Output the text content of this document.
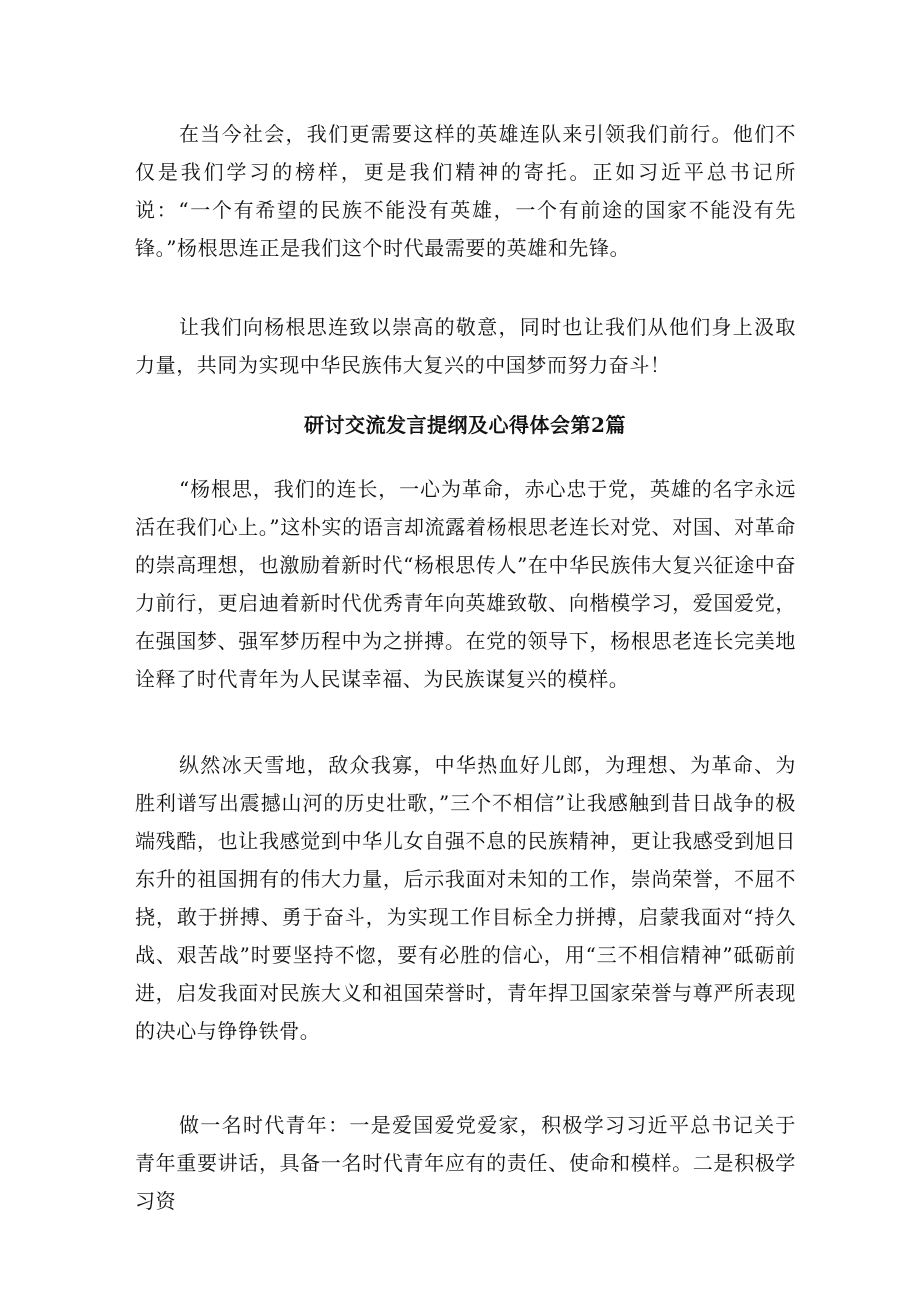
在当今社会，我们更需要这样的英雄连队来引领我们前行。他们不仅是我们学习的榜样，更是我们精神的寄托。正如习近平总书记所说：“一个有希望的民族不能没有英雄，一个有前途的国家不能没有先锋。”杨根思连正是我们这个时代最需要的英雄和先锋。

让我们向杨根思连致以崇高的敬意，同时也让我们从他们身上汲取力量，共同为实现中华民族伟大复兴的中国梦而努力奋斗！

研讨交流发言提纲及心得体会第2篇

“杨根思，我们的连长，一心为革命，赤心忠于党，英雄的名字永远活在我们心上。”这朴实的语言却流露着杨根思老连长对党、对国、对革命的崇高理想，也激励着新时代“杨根思传人”在中华民族伟大复兴征途中奋力前行，更启迪着新时代优秀青年向英雄致敬、向楷模学习，爱国爱党，在强国梦、强军梦历程中为之拼搏。在党的领导下，杨根思老连长完美地诠释了时代青年为人民谋幸福、为民族谋复兴的模样。

纵然冰天雪地，敌众我寡，中华热血好儿郎，为理想、为革命、为胜利谱写出震撼山河的历史壮歌，”三个不相信”让我感触到昔日战争的极端残酷，也让我感觉到中华儿女自强不息的民族精神，更让我感受到旭日东升的祖国拥有的伟大力量，后示我面对未知的工作，崇尚荣誉，不屈不挠，敢于拼搏、勇于奋斗，为实现工作目标全力拼搏，启蒙我面对“持久战、艰苦战”时要坚持不惚，要有必胜的信心，用“三不相信精神”砥砺前进，启发我面对民族大义和祖国荣誉时，青年捍卫国家荣誉与尊严所表现的决心与铮铮铁骨。

做一名时代青年：一是爱国爱党爱家，积极学习习近平总书记关于青年重要讲话，具备一名时代青年应有的责任、使命和模样。二是积极学习资
